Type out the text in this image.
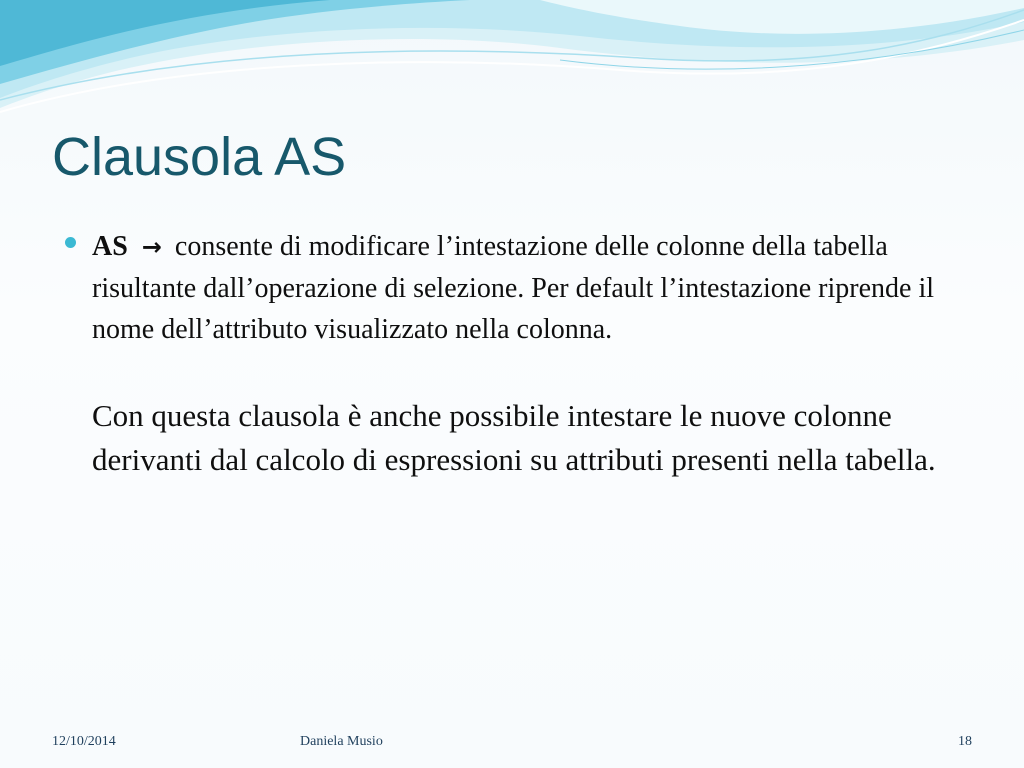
Clausola AS

AS → consente di modificare l’intestazione delle colonne della tabella risultante dall’operazione di selezione. Per default l’intestazione riprende il nome dell’attributo visualizzato nella colonna.

Con questa clausola è anche possibile intestare le nuove colonne derivanti dal calcolo di espressioni su attributi presenti nella tabella.

12/10/2014	Daniela Musio	18
